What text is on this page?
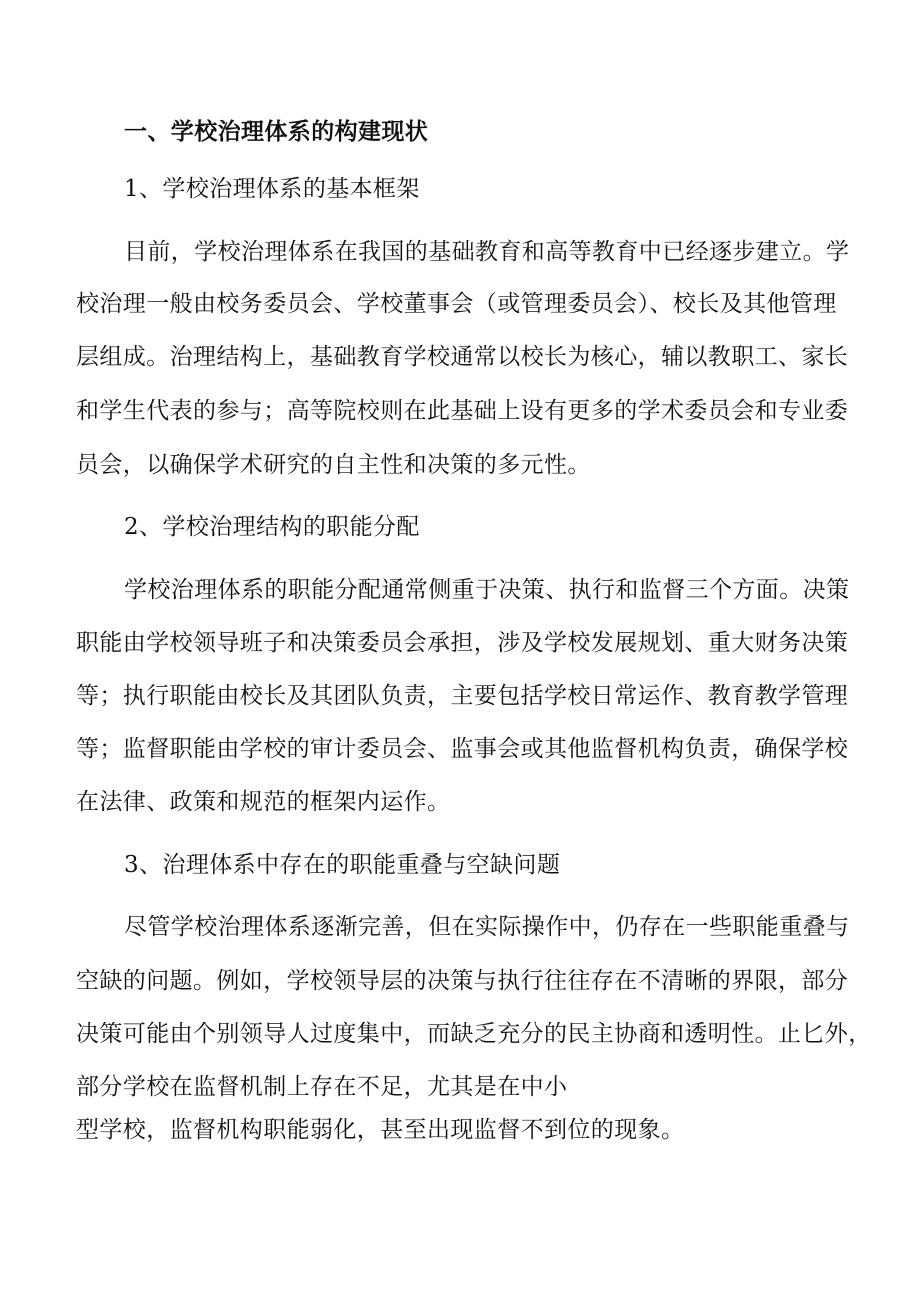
一、学校治理体系的构建现状
1、学校治理体系的基本框架
目前，学校治理体系在我国的基础教育和高等教育中已经逐步建立。学
校治理一般由校务委员会、学校董事会（或管理委员会）、校长及其他管理
层组成。治理结构上，基础教育学校通常以校长为核心，辅以教职工、家长
和学生代表的参与；高等院校则在此基础上设有更多的学术委员会和专业委
员会，以确保学术研究的自主性和决策的多元性。
2、学校治理结构的职能分配
学校治理体系的职能分配通常侧重于决策、执行和监督三个方面。决策
职能由学校领导班子和决策委员会承担，涉及学校发展规划、重大财务决策
等；执行职能由校长及其团队负责，主要包括学校日常运作、教育教学管理
等；监督职能由学校的审计委员会、监事会或其他监督机构负责，确保学校
在法律、政策和规范的框架内运作。
3、治理体系中存在的职能重叠与空缺问题
尽管学校治理体系逐渐完善，但在实际操作中，仍存在一些职能重叠与
空缺的问题。例如，学校领导层的决策与执行往往存在不清晰的界限，部分
决策可能由个别领导人过度集中，而缺乏充分的民主协商和透明性。止匕外，
部分学校在监督机制上存在不足，尤其是在中小
型学校，监督机构职能弱化，甚至出现监督不到位的现象。
